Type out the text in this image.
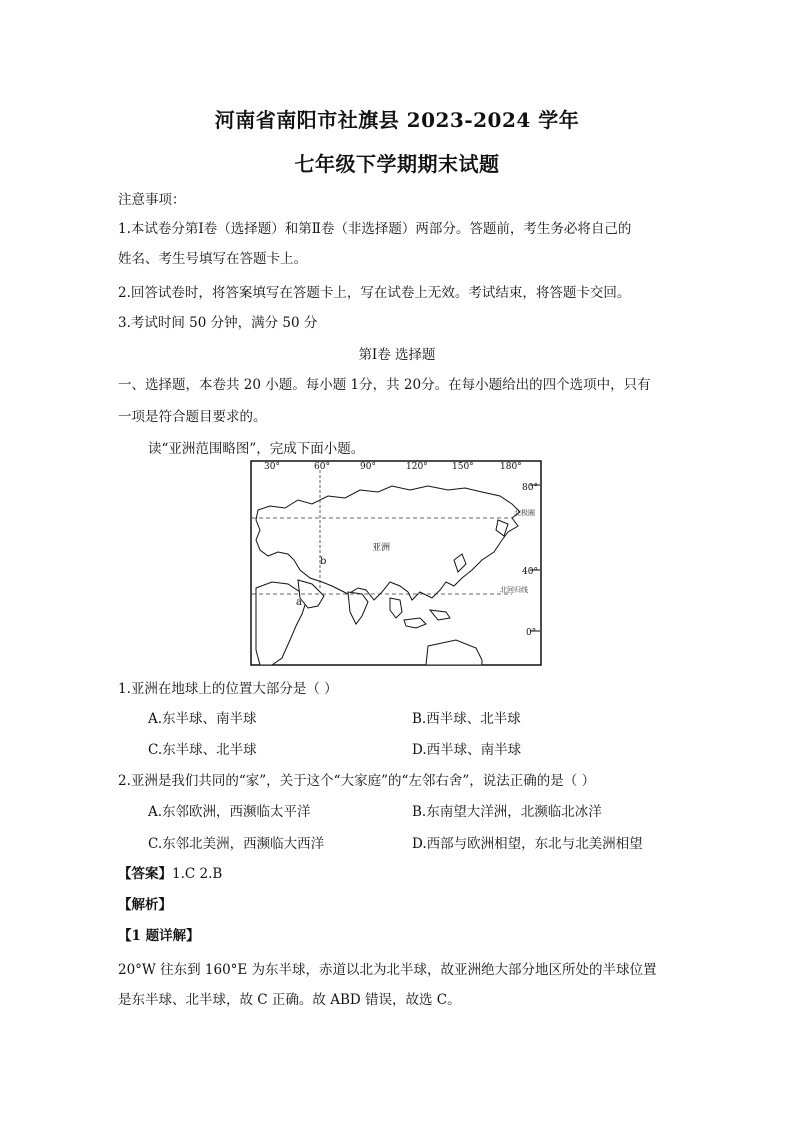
河南省南阳市社旗县 2023-2024 学年
七年级下学期期末试题
注意事项：
1.本试卷分第Ⅰ卷（选择题）和第Ⅱ卷（非选择题）两部分。答题前，考生务必将自己的
姓名、考生号填写在答题卡上。
2.回答试卷时，将答案填写在答题卡上，写在试卷上无效。考试结束，将答题卡交回。
3.考试时间 50 分钟，满分 50 分
第Ⅰ卷 选择题
一、选择题，本卷共 20 小题。每小题 1分，共 20分。在每小题给出的四个选项中，只有
一项是符合题目要求的。
读“亚洲范围略图”，完成下面小题。
30°	60°	90°	120°	150°	180°
80°
40°
0°
北极圈
北回归线
亚洲
a
b
1.亚洲在地球上的位置大部分是（ ）
A.东半球、南半球	B.西半球、北半球
C.东半球、北半球	D.西半球、南半球
2.亚洲是我们共同的“家”，关于这个“大家庭”的“左邻右舍”，说法正确的是（ ）
A.东邻欧洲，西濒临太平洋	B.东南望大洋洲，北濒临北冰洋
C.东邻北美洲，西濒临大西洋	D.西部与欧洲相望，东北与北美洲相望
【答案】1.C 2.B
【解析】
【1 题详解】
20°W 往东到 160°E 为东半球，赤道以北为北半球，故亚洲绝大部分地区所处的半球位置
是东半球、北半球，故 C 正确。故 ABD 错误，故选 C。
